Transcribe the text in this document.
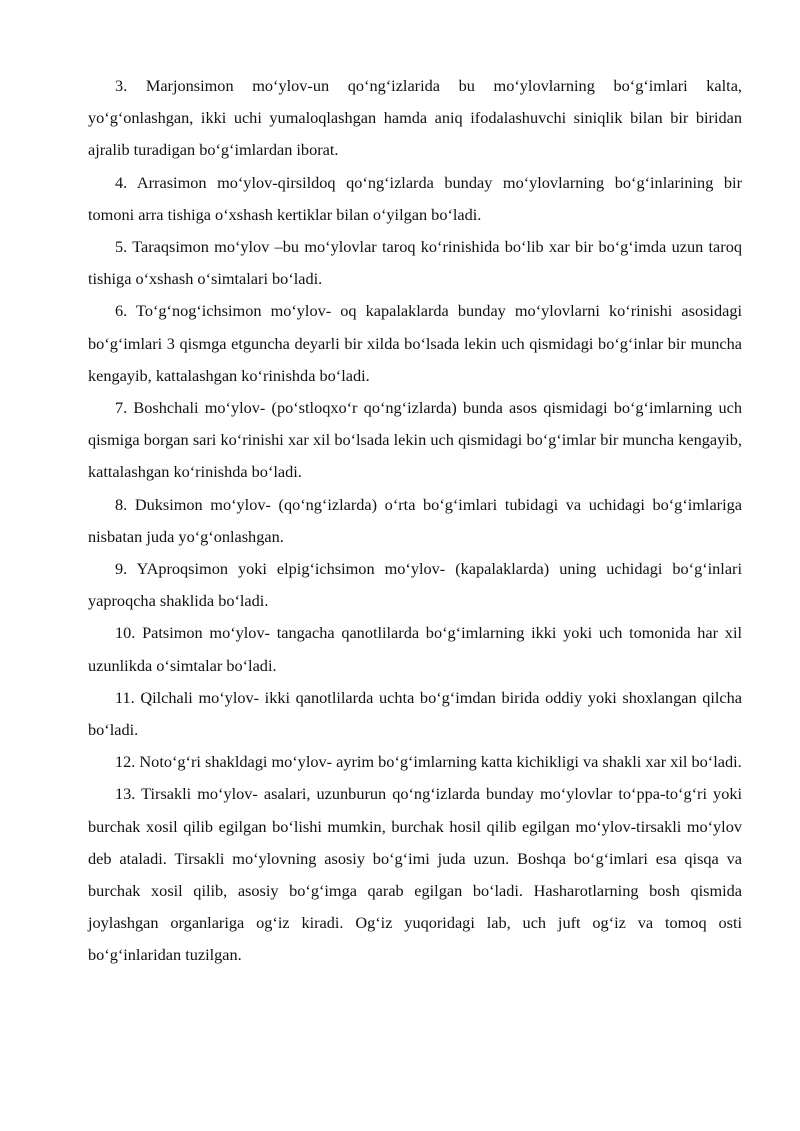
3. Marjonsimon mo‘ylov-un qo‘ng‘izlarida bu mo‘ylovlarning bo‘g‘imlari kalta, yo‘g‘onlashgan, ikki uchi yumaloqlashgan hamda aniq ifodalashuvchi siniqlik bilan bir biridan ajralib turadigan bo‘g‘imlardan iborat.

4. Arrasimon mo‘ylov-qirsildoq qo‘ng‘izlarda bunday mo‘ylovlarning bo‘g‘inlarining bir tomoni arra tishiga o‘xshash kertiklar bilan o‘yilgan bo‘ladi.

5. Taraqsimon mo‘ylov –bu mo‘ylovlar taroq ko‘rinishida bo‘lib xar bir bo‘g‘imda uzun taroq tishiga o‘xshash o‘simtalari bo‘ladi.

6. To‘g‘nog‘ichsimon mo‘ylov- oq kapalaklarda bunday mo‘ylovlarni ko‘rinishi asosidagi bo‘g‘imlari 3 qismga etguncha deyarli bir xilda bo‘lsada lekin uch qismidagi bo‘g‘inlar bir muncha kengayib, kattalashgan ko‘rinishda bo‘ladi.

7. Boshchali mo‘ylov- (po‘stloqxo‘r qo‘ng‘izlarda) bunda asos qismidagi bo‘g‘imlarning uch qismiga borgan sari ko‘rinishi xar xil bo‘lsada lekin uch qismidagi bo‘g‘imlar bir muncha kengayib, kattalashgan ko‘rinishda bo‘ladi.

8. Duksimon mo‘ylov- (qo‘ng‘izlarda) o‘rta bo‘g‘imlari tubidagi va uchidagi bo‘g‘imlariga nisbatan juda yo‘g‘onlashgan.

9. YAproqsimon yoki elpig‘ichsimon mo‘ylov- (kapalaklarda) uning uchidagi bo‘g‘inlari yaproqcha shaklida bo‘ladi.

10. Patsimon mo‘ylov- tangacha qanotlilarda bo‘g‘imlarning ikki yoki uch tomonida har xil uzunlikda o‘simtalar bo‘ladi.

11. Qilchali mo‘ylov- ikki qanotlilarda uchta bo‘g‘imdan birida oddiy yoki shoxlangan qilcha bo‘ladi.

12. Noto‘g‘ri shakldagi mo‘ylov- ayrim bo‘g‘imlarning katta kichikligi va shakli xar xil bo‘ladi.

13. Tirsakli mo‘ylov- asalari, uzunburun qo‘ng‘izlarda bunday mo‘ylovlar to‘ppa-to‘g‘ri yoki burchak xosil qilib egilgan bo‘lishi mumkin, burchak hosil qilib egilgan mo‘ylov-tirsakli mo‘ylov deb ataladi. Tirsakli mo‘ylovning asosiy bo‘g‘imi juda uzun. Boshqa bo‘g‘imlari esa qisqa va burchak xosil qilib, asosiy bo‘g‘imga qarab egilgan bo‘ladi. Hasharotlarning bosh qismida joylashgan organlariga og‘iz kiradi. Og‘iz yuqoridagi lab, uch juft og‘iz va tomoq osti bo‘g‘inlaridan tuzilgan.
